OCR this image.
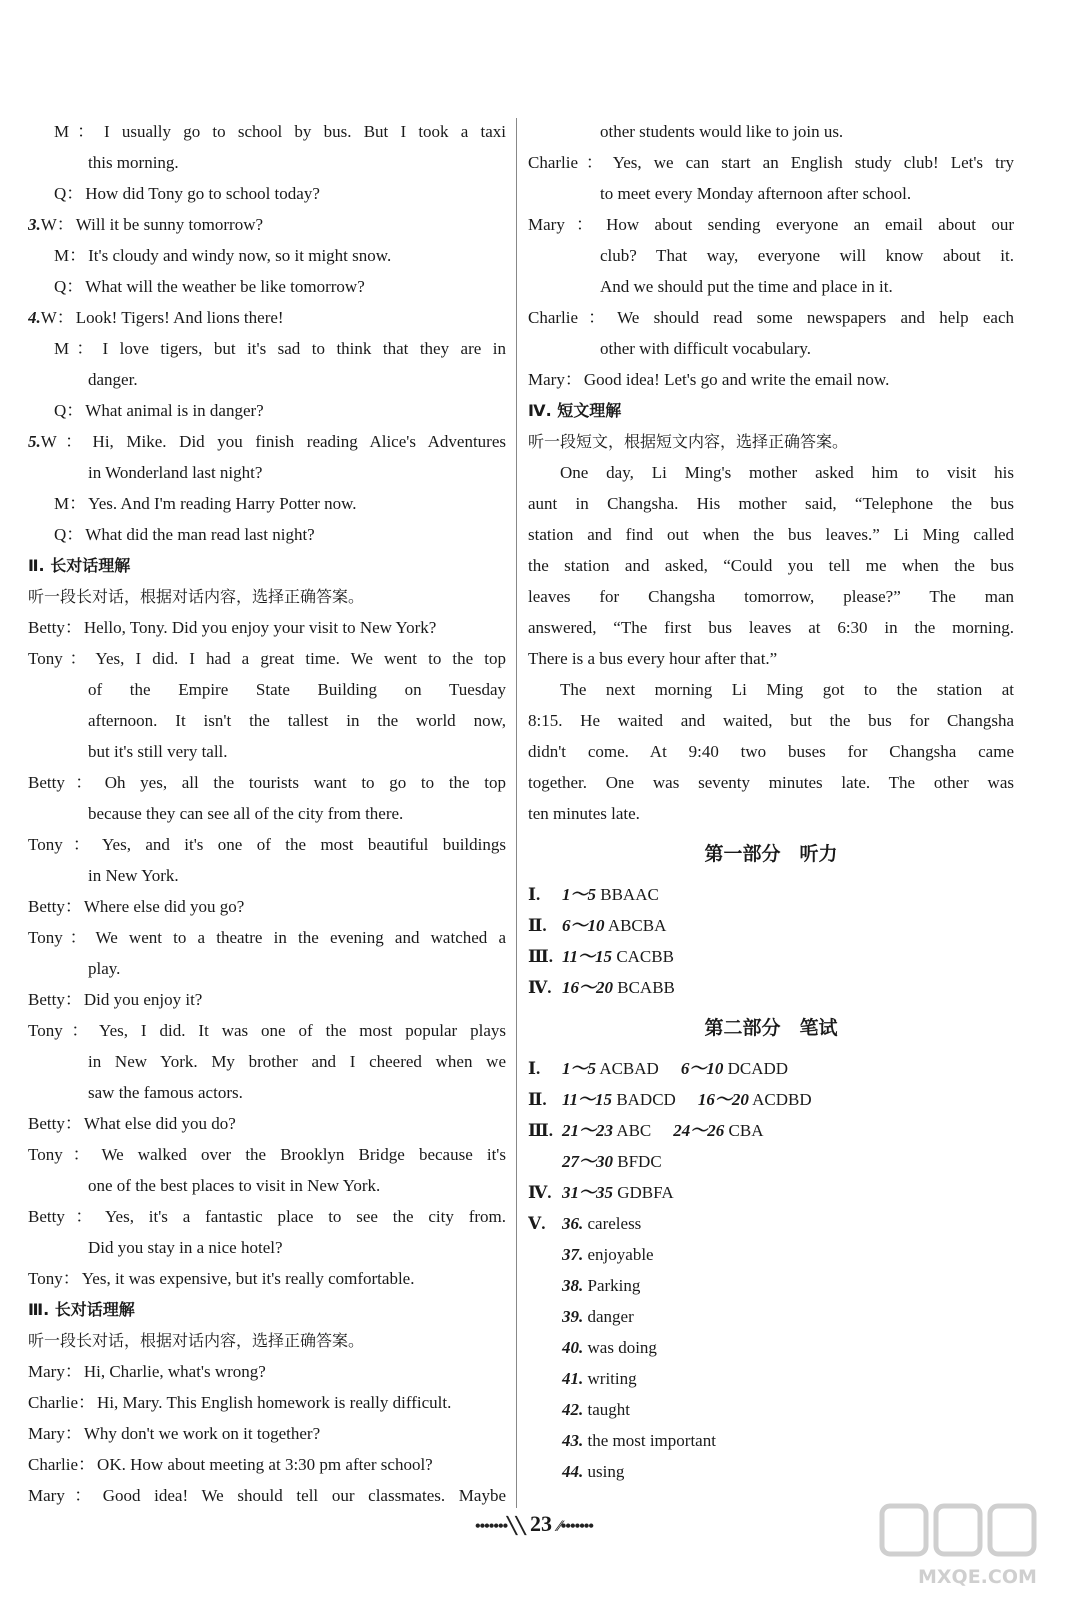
M： I usually go to school by bus. But I took a taxi
this morning.
Q： How did Tony go to school today?
3.W： Will it be sunny tomorrow?
M： It's cloudy and windy now, so it might snow.
Q： What will the weather be like tomorrow?
4.W： Look! Tigers! And lions there!
M： I love tigers, but it's sad to think that they are in
danger.
Q： What animal is in danger?
5.W： Hi, Mike. Did you finish reading Alice's Adventures
in Wonderland last night?
M： Yes. And I'm reading Harry Potter now.
Q： What did the man read last night?
Ⅱ. 长对话理解
听一段长对话，根据对话内容，选择正确答案。
Betty： Hello, Tony. Did you enjoy your visit to New York?
Tony： Yes, I did. I had a great time. We went to the top
of the Empire State Building on Tuesday
afternoon. It isn't the tallest in the world now,
but it's still very tall.
Betty： Oh yes, all the tourists want to go to the top
because they can see all of the city from there.
Tony： Yes, and it's one of the most beautiful buildings
in New York.
Betty： Where else did you go?
Tony： We went to a theatre in the evening and watched a
play.
Betty： Did you enjoy it?
Tony： Yes, I did. It was one of the most popular plays
in New York. My brother and I cheered when we
saw the famous actors.
Betty： What else did you do?
Tony： We walked over the Brooklyn Bridge because it's
one of the best places to visit in New York.
Betty： Yes, it's a fantastic place to see the city from.
Did you stay in a nice hotel?
Tony： Yes, it was expensive, but it's really comfortable.
Ⅲ. 长对话理解
听一段长对话，根据对话内容，选择正确答案。
Mary： Hi, Charlie, what's wrong?
Charlie： Hi, Mary. This English homework is really difficult.
Mary： Why don't we work on it together?
Charlie： OK. How about meeting at 3:30 pm after school?
Mary： Good idea! We should tell our classmates. Maybe
other students would like to join us.
Charlie： Yes, we can start an English study club! Let's try
to meet every Monday afternoon after school.
Mary： How about sending everyone an email about our
club? That way, everyone will know about it.
And we should put the time and place in it.
Charlie： We should read some newspapers and help each
other with difficult vocabulary.
Mary： Good idea! Let's go and write the email now.
Ⅳ. 短文理解
听一段短文，根据短文内容，选择正确答案。
One day, Li Ming's mother asked him to visit his
aunt in Changsha. His mother said, “Telephone the bus
station and find out when the bus leaves.” Li Ming called
the station and asked, “Could you tell me when the bus
leaves for Changsha tomorrow, please?” The man
answered, “The first bus leaves at 6:30 in the morning.
There is a bus every hour after that.”
The next morning Li Ming got to the station at
8:15. He waited and waited, but the bus for Changsha
didn't come. At 9:40 two buses for Changsha came
together. One was seventy minutes late. The other was
ten minutes late.
第一部分　听力
Ⅰ. 1～5 BBAAC
Ⅱ. 6～10 ABCBA
Ⅲ. 11～15 CACBB
Ⅳ. 16～20 BCABB
第二部分　笔试
Ⅰ. 1～5 ACBAD 6～10 DCADD
Ⅱ. 11～15 BADCD 16～20 ACDBD
Ⅲ. 21～23 ABC 24～26 CBA
27～30 BFDC
Ⅳ. 31～35 GDBFA
Ⅴ. 36. careless
37. enjoyable
38. Parking
39. danger
40. was doing
41. writing
42. taught
43. the most important
44. using
•••••••╲╲ 23 ∕∕•••••••
MXQE.COM
